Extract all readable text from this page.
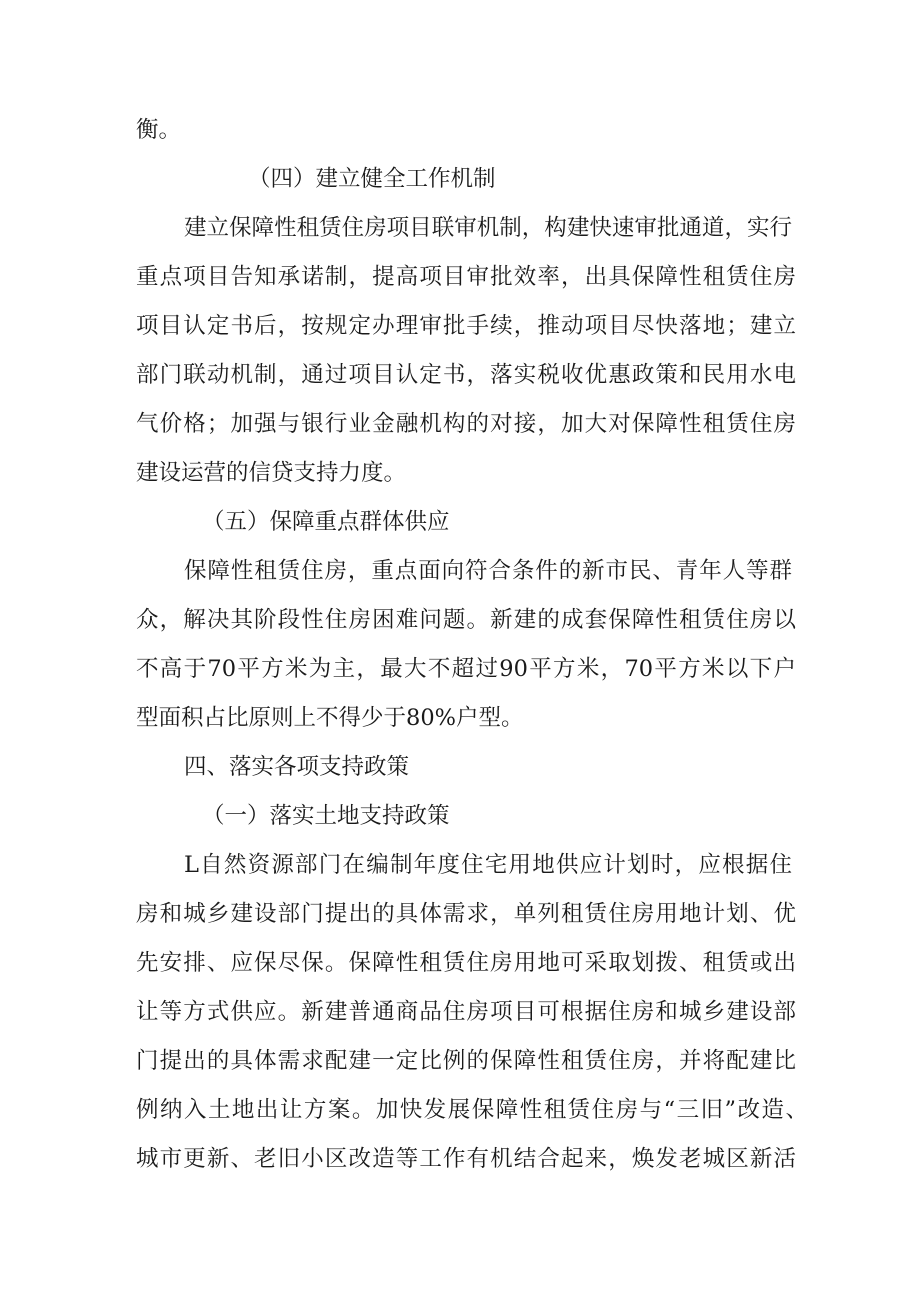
衡。
（四）建立健全工作机制
建立保障性租赁住房项目联审机制，构建快速审批通道，实行
重点项目告知承诺制，提高项目审批效率，出具保障性租赁住房
项目认定书后，按规定办理审批手续，推动项目尽快落地；建立
部门联动机制，通过项目认定书，落实税收优惠政策和民用水电
气价格；加强与银行业金融机构的对接，加大对保障性租赁住房
建设运营的信贷支持力度。
（五）保障重点群体供应
保障性租赁住房，重点面向符合条件的新市民、青年人等群
众，解决其阶段性住房困难问题。新建的成套保障性租赁住房以
不高于70平方米为主，最大不超过90平方米，70平方米以下户
型面积占比原则上不得少于80%户型。
四、落实各项支持政策
（一）落实土地支持政策
L自然资源部门在编制年度住宅用地供应计划时，应根据住
房和城乡建设部门提出的具体需求，单列租赁住房用地计划、优
先安排、应保尽保。保障性租赁住房用地可采取划拨、租赁或出
让等方式供应。新建普通商品住房项目可根据住房和城乡建设部
门提出的具体需求配建一定比例的保障性租赁住房，并将配建比
例纳入土地出让方案。加快发展保障性租赁住房与“三旧”改造、
城市更新、老旧小区改造等工作有机结合起来，焕发老城区新活
